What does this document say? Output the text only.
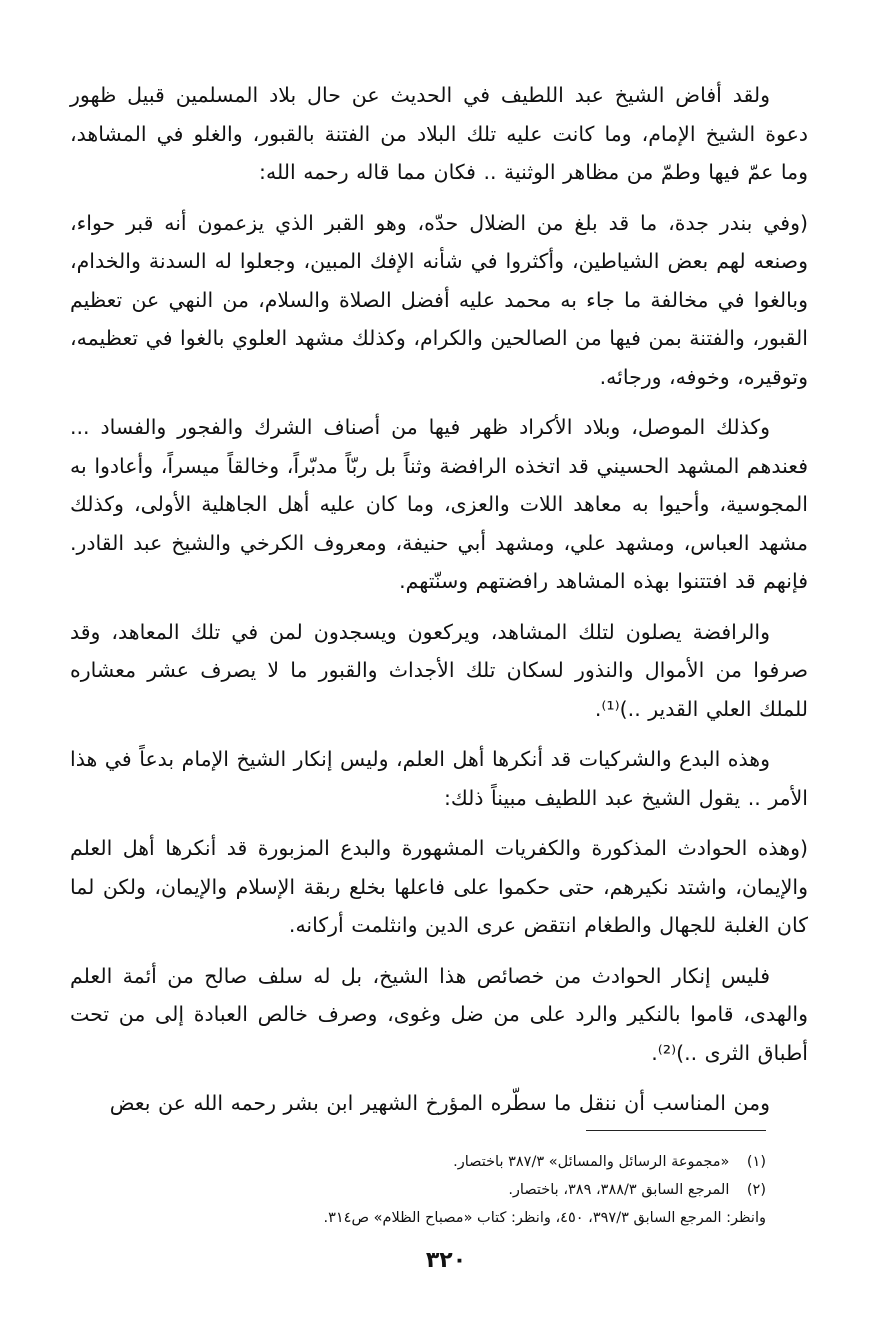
ولقد أفاض الشيخ عبد اللطيف في الحديث عن حال بلاد المسلمين قبيل ظهور دعوة الشيخ الإمام، وما كانت عليه تلك البلاد من الفتنة بالقبور، والغلو في المشاهد، وما عمّ فيها وطمّ من مظاهر الوثنية .. فكان مما قاله رحمه الله:

(وفي بندر جدة، ما قد بلغ من الضلال حدّه، وهو القبر الذي يزعمون أنه قبر حواء، وصنعه لهم بعض الشياطين، وأكثروا في شأنه الإفك المبين، وجعلوا له السدنة والخدام، وبالغوا في مخالفة ما جاء به محمد عليه أفضل الصلاة والسلام، من النهي عن تعظيم القبور، والفتنة بمن فيها من الصالحين والكرام، وكذلك مشهد العلوي بالغوا في تعظيمه، وتوقيره، وخوفه، ورجائه.

وكذلك الموصل، وبلاد الأكراد ظهر فيها من أصناف الشرك والفجور والفساد ... فعندهم المشهد الحسيني قد اتخذه الرافضة وثناً بل ربّاً مدبّراً، وخالقاً ميسراً، وأعادوا به المجوسية، وأحيوا به معاهد اللات والعزى، وما كان عليه أهل الجاهلية الأولى، وكذلك مشهد العباس، ومشهد علي، ومشهد أبي حنيفة، ومعروف الكرخي والشيخ عبد القادر. فإنهم قد افتتنوا بهذه المشاهد رافضتهم وسنّتهم.

والرافضة يصلون لتلك المشاهد، ويركعون ويسجدون لمن في تلك المعاهد، وقد صرفوا من الأموال والنذور لسكان تلك الأجداث والقبور ما لا يصرف عشر معشاره للملك العلي القدير ..)⁽¹⁾.

وهذه البدع والشركيات قد أنكرها أهل العلم، وليس إنكار الشيخ الإمام بدعاً في هذا الأمر .. يقول الشيخ عبد اللطيف مبيناً ذلك:

(وهذه الحوادث المذكورة والكفريات المشهورة والبدع المزبورة قد أنكرها أهل العلم والإيمان، واشتد نكيرهم، حتى حكموا على فاعلها بخلع ربقة الإسلام والإيمان، ولكن لما كان الغلبة للجهال والطغام انتقض عرى الدين وانثلمت أركانه.

فليس إنكار الحوادث من خصائص هذا الشيخ، بل له سلف صالح من أئمة العلم والهدى، قاموا بالنكير والرد على من ضل وغوى، وصرف خالص العبادة إلى من تحت أطباق الثرى ..)⁽²⁾.

ومن المناسب أن ننقل ما سطّره المؤرخ الشهير ابن بشر رحمه الله عن بعض

(١) «مجموعة الرسائل والمسائل» ٣٨٧/٣ باختصار.

(٢) المرجع السابق ٣٨٨/٣، ٣٨٩، باختصار.

وانظر: المرجع السابق ٣٩٧/٣، ٤٥٠، وانظر: كتاب «مصباح الظلام» ص٣١٤.

٣٢٠
